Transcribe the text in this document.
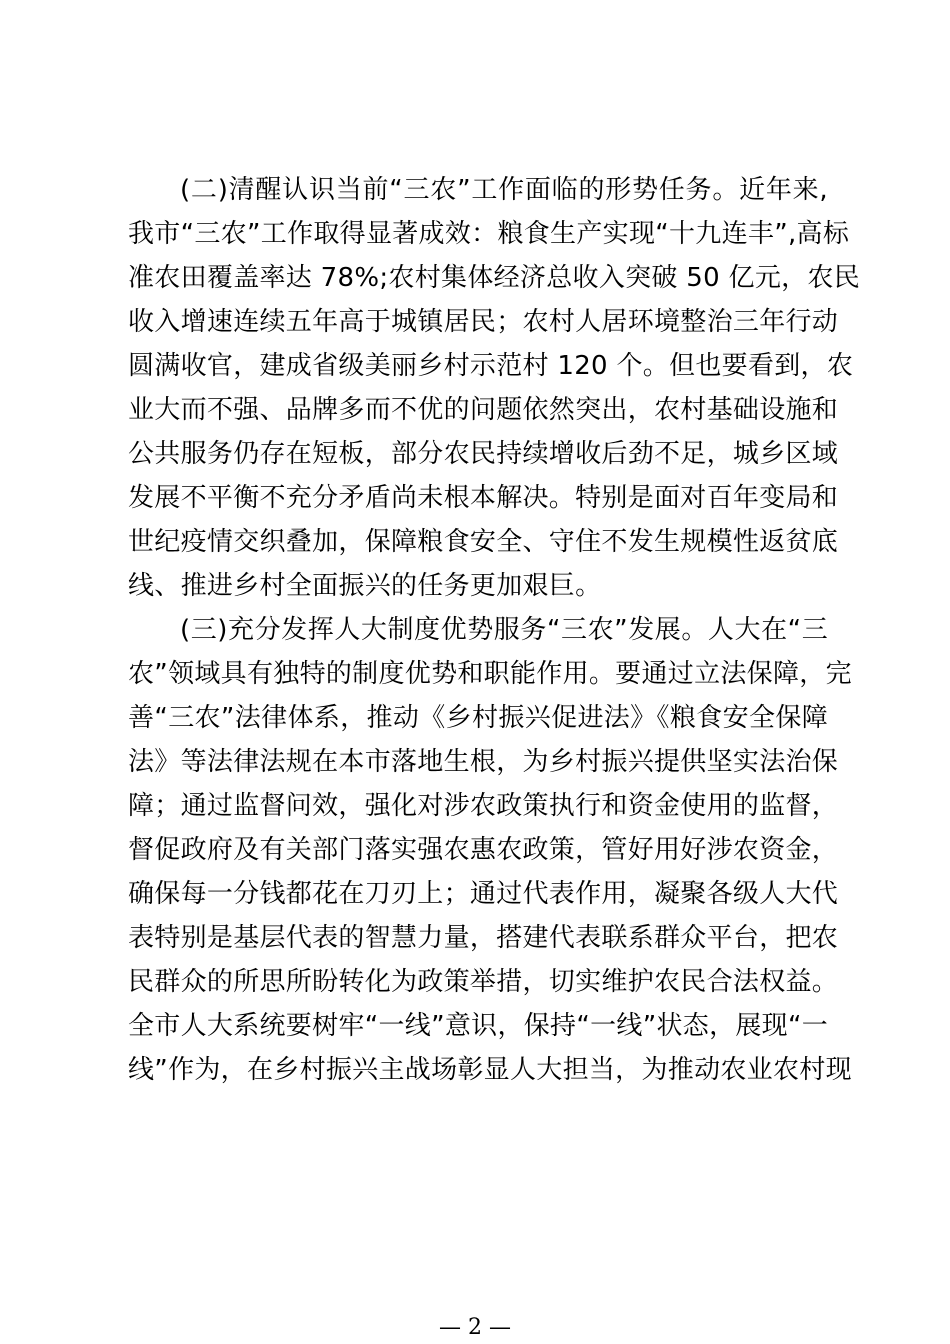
(二)清醒认识当前“三农”工作面临的形势任务。近年来,
我市“三农”工作取得显著成效：粮食生产实现“十九连丰”,高标
准农田覆盖率达 78%;农村集体经济总收入突破 50 亿元，农民
收入增速连续五年高于城镇居民；农村人居环境整治三年行动
圆满收官，建成省级美丽乡村示范村 120 个。但也要看到，农
业大而不强、品牌多而不优的问题依然突出，农村基础设施和
公共服务仍存在短板，部分农民持续增收后劲不足，城乡区域
发展不平衡不充分矛盾尚未根本解决。特别是面对百年变局和
世纪疫情交织叠加，保障粮食安全、守住不发生规模性返贫底
线、推进乡村全面振兴的任务更加艰巨。
(三)充分发挥人大制度优势服务“三农”发展。人大在“三
农”领域具有独特的制度优势和职能作用。要通过立法保障，完
善“三农”法律体系，推动《乡村振兴促进法》《粮食安全保障
法》等法律法规在本市落地生根，为乡村振兴提供坚实法治保
障；通过监督问效，强化对涉农政策执行和资金使用的监督，
督促政府及有关部门落实强农惠农政策，管好用好涉农资金，
确保每一分钱都花在刀刃上；通过代表作用，凝聚各级人大代
表特别是基层代表的智慧力量，搭建代表联系群众平台，把农
民群众的所思所盼转化为政策举措，切实维护农民合法权益。
全市人大系统要树牢“一线”意识，保持“一线”状态，展现“一
线”作为，在乡村振兴主战场彰显人大担当，为推动农业农村现
— 2 —
